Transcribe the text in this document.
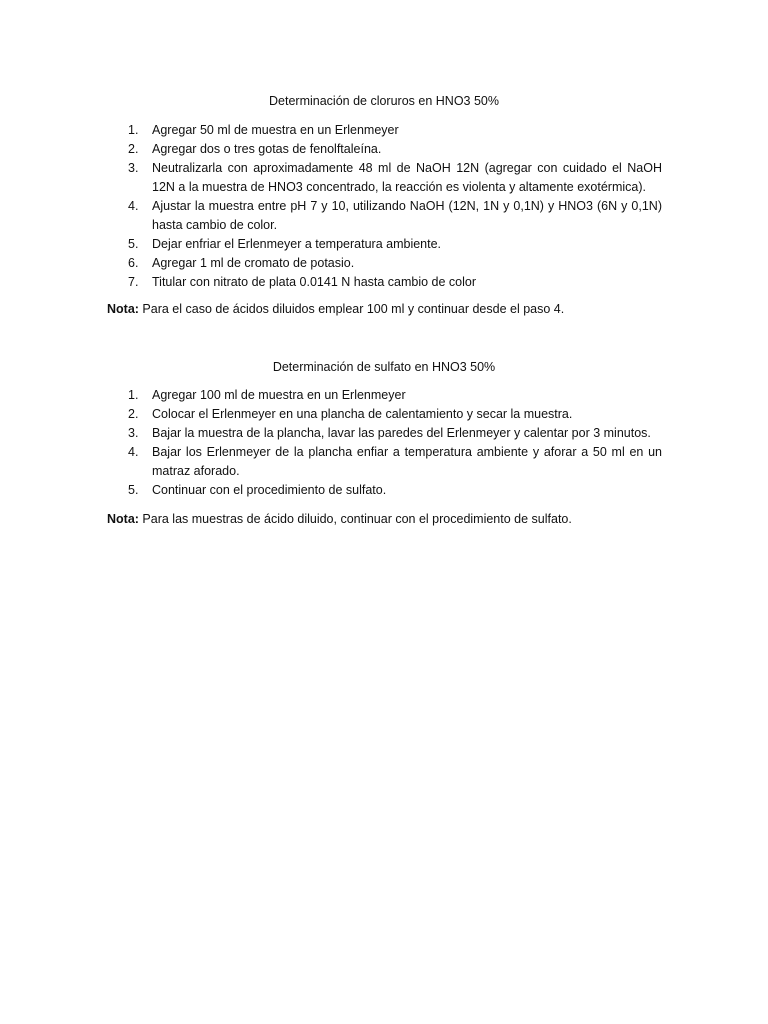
Determinación de cloruros en HNO3 50%
1. Agregar 50 ml de muestra en un Erlenmeyer
2. Agregar dos o tres gotas de fenolftaleína.
3. Neutralizarla con aproximadamente 48 ml de NaOH 12N (agregar con cuidado el NaOH 12N a la muestra de HNO3 concentrado, la reacción es violenta y altamente exotérmica).
4. Ajustar la muestra entre pH 7 y 10, utilizando NaOH (12N, 1N y 0,1N) y HNO3 (6N y 0,1N) hasta cambio de color.
5. Dejar enfriar el Erlenmeyer a temperatura ambiente.
6. Agregar 1 ml de cromato de potasio.
7. Titular con nitrato de plata 0.0141 N hasta cambio de color
Nota: Para el caso de ácidos diluidos emplear 100 ml y continuar desde el paso 4.
Determinación de sulfato en HNO3 50%
1. Agregar 100 ml de muestra en un Erlenmeyer
2. Colocar el Erlenmeyer en una plancha de calentamiento y secar la muestra.
3. Bajar la muestra de la plancha, lavar las paredes del Erlenmeyer y calentar por 3 minutos.
4. Bajar los Erlenmeyer de la plancha enfiar a temperatura ambiente y aforar a 50 ml en un matraz aforado.
5. Continuar con el procedimiento de sulfato.
Nota: Para las muestras de ácido diluido, continuar con el procedimiento de sulfato.
